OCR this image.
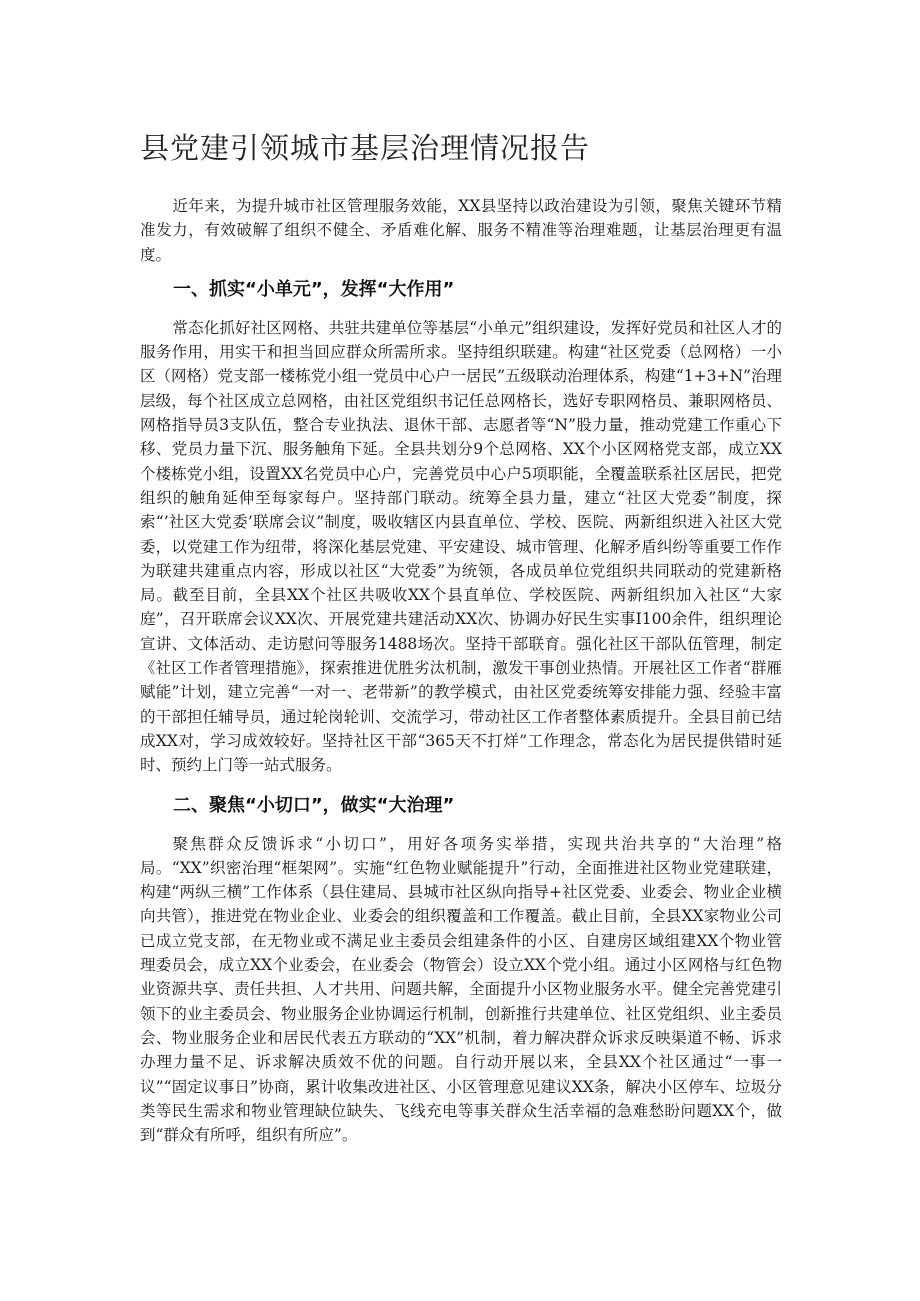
县党建引领城市基层治理情况报告

近年来，为提升城市社区管理服务效能，XX县坚持以政治建设为引领，聚焦关键环节精准发力，有效破解了组织不健全、矛盾难化解、服务不精准等治理难题，让基层治理更有温度。

一、抓实“小单元”，发挥“大作用”

常态化抓好社区网格、共驻共建单位等基层“小单元”组织建设，发挥好党员和社区人才的服务作用，用实干和担当回应群众所需所求。坚持组织联建。构建“社区党委（总网格）一小区（网格）党支部一楼栋党小组一党员中心户一居民”五级联动治理体系，构建“1+3+N”治理层级，每个社区成立总网格，由社区党组织书记任总网格长，选好专职网格员、兼职网格员、网格指导员3支队伍，整合专业执法、退休干部、志愿者等“N”股力量，推动党建工作重心下移、党员力量下沉、服务触角下延。全县共划分9个总网格、XX个小区网格党支部，成立XX个楼栋党小组，设置XX名党员中心户，完善党员中心户5项职能，全覆盖联系社区居民，把党组织的触角延伸至每家每户。坚持部门联动。统筹全县力量，建立“社区大党委”制度，探索“’社区大党委’联席会议”制度，吸收辖区内县直单位、学校、医院、两新组织进入社区大党委，以党建工作为纽带，将深化基层党建、平安建设、城市管理、化解矛盾纠纷等重要工作作为联建共建重点内容，形成以社区“大党委”为统领，各成员单位党组织共同联动的党建新格局。截至目前，全县XX个社区共吸收XX个县直单位、学校医院、两新组织加入社区“大家庭”，召开联席会议XX次、开展党建共建活动XX次、协调办好民生实事I100余件，组织理论宣讲、文体活动、走访慰问等服务1488场次。坚持干部联育。强化社区干部队伍管理，制定《社区工作者管理措施》，探索推进优胜劣汰机制，激发干事创业热情。开展社区工作者“群雁赋能”计划，建立完善“一对一、老带新”的教学模式，由社区党委统筹安排能力强、经验丰富的干部担任辅导员，通过轮岗轮训、交流学习，带动社区工作者整体素质提升。全县目前已结成XX对，学习成效较好。坚持社区干部“365天不打烊”工作理念，常态化为居民提供错时延时、预约上门等一站式服务。

二、聚焦“小切口”，做实“大治理”

聚焦群众反馈诉求“小切口”，用好各项务实举措，实现共治共享的“大治理”格局。“XX”织密治理“框架网”。实施“红色物业赋能提升”行动，全面推进社区物业党建联建，构建“两纵三横”工作体系（县住建局、县城市社区纵向指导+社区党委、业委会、物业企业横向共管），推进党在物业企业、业委会的组织覆盖和工作覆盖。截止目前，全县XX家物业公司已成立党支部，在无物业或不满足业主委员会组建条件的小区、自建房区域组建XX个物业管理委员会，成立XX个业委会，在业委会（物管会）设立XX个党小组。通过小区网格与红色物业资源共享、责任共担、人才共用、问题共解，全面提升小区物业服务水平。健全完善党建引领下的业主委员会、物业服务企业协调运行机制，创新推行共建单位、社区党组织、业主委员会、物业服务企业和居民代表五方联动的“XX”机制，着力解决群众诉求反映渠道不畅、诉求办理力量不足、诉求解决质效不优的问题。自行动开展以来，全县XX个社区通过“一事一议”“固定议事日”协商，累计收集改进社区、小区管理意见建议XX条，解决小区停车、垃圾分类等民生需求和物业管理缺位缺失、飞线充电等事关群众生活幸福的急难愁盼问题XX个，做到“群众有所呼，组织有所应”。
